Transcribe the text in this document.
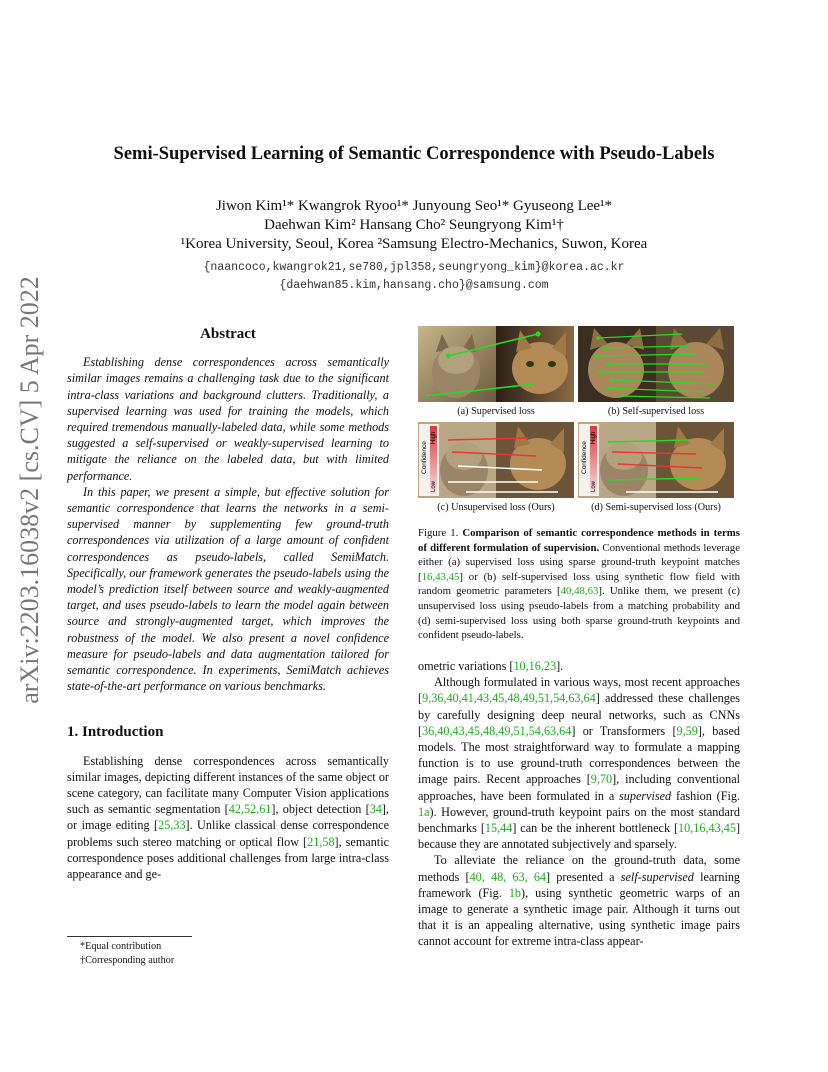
arXiv:2203.16038v2 [cs.CV] 5 Apr 2022
Semi-Supervised Learning of Semantic Correspondence with Pseudo-Labels
Jiwon Kim¹* Kwangrok Ryoo¹* Junyoung Seo¹* Gyuseong Lee¹*
Daehwan Kim² Hansang Cho² Seungryong Kim¹†
¹Korea University, Seoul, Korea ²Samsung Electro-Mechanics, Suwon, Korea
{naancoco,kwangrok21,se780,jpl358,seungryong_kim}@korea.ac.kr
{daehwan85.kim,hansang.cho}@samsung.com
Abstract

Establishing dense correspondences across semantically similar images remains a challenging task due to the significant intra-class variations and background clutters. Traditionally, a supervised learning was used for training the models, which required tremendous manually-labeled data, while some methods suggested a self-supervised or weakly-supervised learning to mitigate the reliance on the labeled data, but with limited performance.

In this paper, we present a simple, but effective solution for semantic correspondence that learns the networks in a semi-supervised manner by supplementing few ground-truth correspondences via utilization of a large amount of confident correspondences as pseudo-labels, called SemiMatch. Specifically, our framework generates the pseudo-labels using the model’s prediction itself between source and weakly-augmented target, and uses pseudo-labels to learn the model again between source and strongly-augmented target, which improves the robustness of the model. We also present a novel confidence measure for pseudo-labels and data augmentation tailored for semantic correspondence. In experiments, SemiMatch achieves state-of-the-art performance on various benchmarks.

1. Introduction

Establishing dense correspondences across semantically similar images, depicting different instances of the same object or scene category, can facilitate many Computer Vision applications such as semantic segmentation [42,52,61], object detection [34], or image editing [25,33]. Unlike classical dense correspondence problems such stereo matching or optical flow [21,58], semantic correspondence poses additional challenges from large intra-class appearance and ge-

*Equal contribution
†Corresponding author
(a) Supervised loss	(b) Self-supervised loss
Confidence
High
Low
Confidence
High
Low
(c) Unsupervised loss (Ours)	(d) Semi-supervised loss (Ours)
Figure 1. Comparison of semantic correspondence methods in terms of different formulation of supervision. Conventional methods leverage either (a) supervised loss using sparse ground-truth keypoint matches [16,43,45] or (b) self-supervised loss using synthetic flow field with random geometric parameters [40,48,63]. Unlike them, we present (c) unsupervised loss using pseudo-labels from a matching probability and (d) semi-supervised loss using both sparse ground-truth keypoints and confident pseudo-labels.

ometric variations [10,16,23].

Although formulated in various ways, most recent approaches [9,36,40,41,43,45,48,49,51,54,63,64] addressed these challenges by carefully designing deep neural networks, such as CNNs [36,40,43,45,48,49,51,54,63,64] or Transformers [9,59], based models. The most straightforward way to formulate a mapping function is to use ground-truth correspondences between the image pairs. Recent approaches [9,70], including conventional approaches, have been formulated in a supervised fashion (Fig. 1a). However, ground-truth keypoint pairs on the most standard benchmarks [15,44] can be the inherent bottleneck [10,16,43,45] because they are annotated subjectively and sparsely.

To alleviate the reliance on the ground-truth data, some methods [40, 48, 63, 64] presented a self-supervised learning framework (Fig. 1b), using synthetic geometric warps of an image to generate a synthetic image pair. Although it turns out that it is an appealing alternative, using synthetic image pairs cannot account for extreme intra-class appear-
